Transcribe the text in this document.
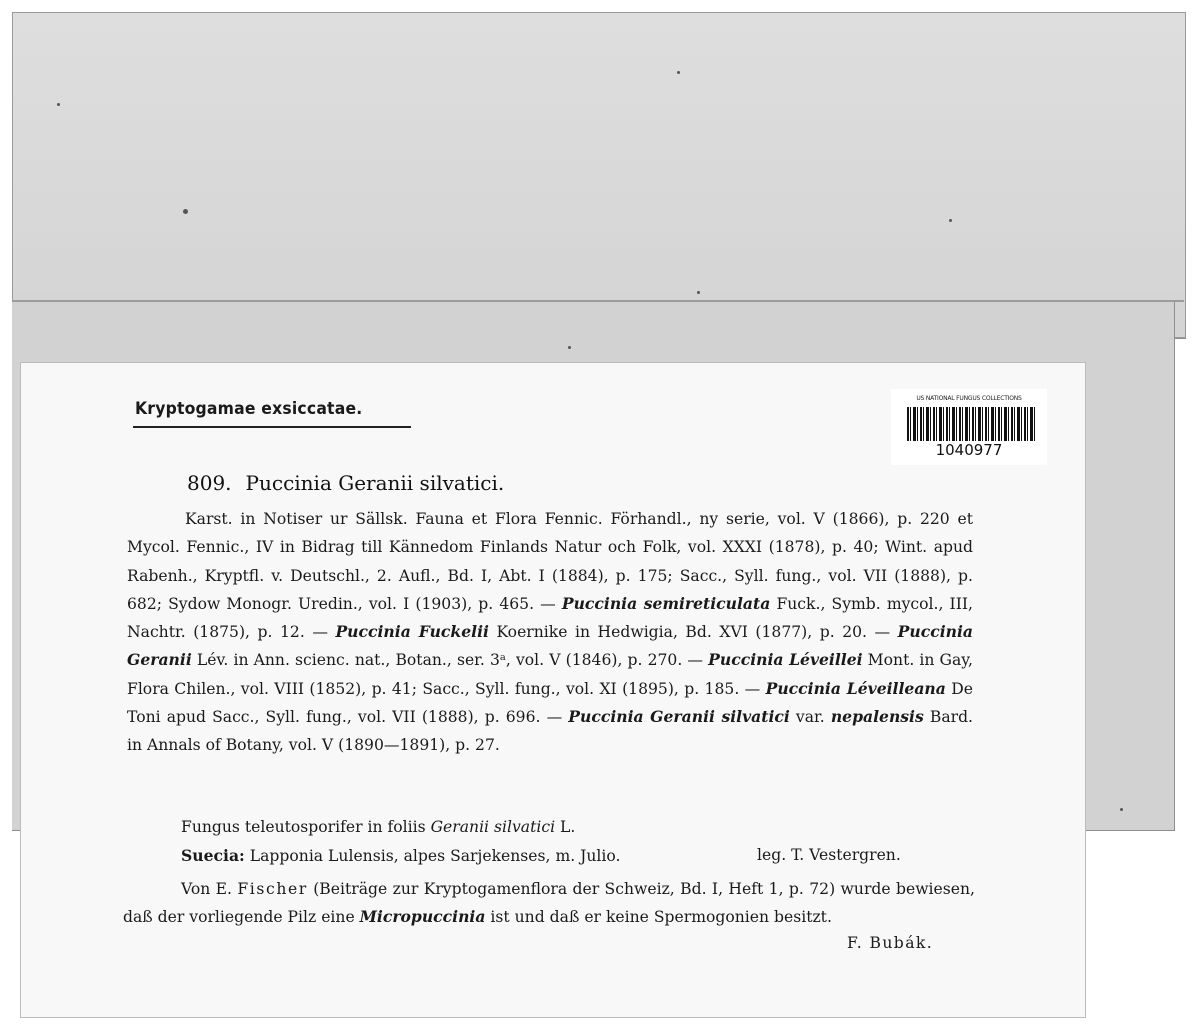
Kryptogamae exsiccatae.

US NATIONAL FUNGUS COLLECTIONS
1040977

809. Puccinia Geranii silvatici.

Karst. in Notiser ur Sällsk. Fauna et Flora Fennic. Förhandl., ny serie, vol. V (1866), p. 220 et Mycol. Fennic., IV in Bidrag till Kännedom Finlands Natur och Folk, vol. XXXI (1878), p. 40; Wint. apud Rabenh., Kryptfl. v. Deutschl., 2. Aufl., Bd. I, Abt. I (1884), p. 175; Sacc., Syll. fung., vol. VII (1888), p. 682; Sydow Monogr. Uredin., vol. I (1903), p. 465. — Puccinia semireticulata Fuck., Symb. mycol., III, Nachtr. (1875), p. 12. — Puccinia Fuckelii Koernike in Hedwigia, Bd. XVI (1877), p. 20. — Puccinia Geranii Lév. in Ann. scienc. nat., Botan., ser. 3ᵃ, vol. V (1846), p. 270. — Puccinia Léveillei Mont. in Gay, Flora Chilen., vol. VIII (1852), p. 41; Sacc., Syll. fung., vol. XI (1895), p. 185. — Puccinia Léveilleana De Toni apud Sacc., Syll. fung., vol. VII (1888), p. 696. — Puccinia Geranii silvatici var. nepalensis Bard. in Annals of Botany, vol. V (1890—1891), p. 27.

Fungus teleutosporifer in foliis Geranii silvatici L.

Suecia: Lapponia Lulensis, alpes Sarjekenses, m. Julio.	leg. T. Vestergren.

Von E. Fischer (Beiträge zur Kryptogamenflora der Schweiz, Bd. I, Heft 1, p. 72) wurde bewiesen, daß der vorliegende Pilz eine Micropuccinia ist und daß er keine Spermogonien besitzt.

F. Bubák.
